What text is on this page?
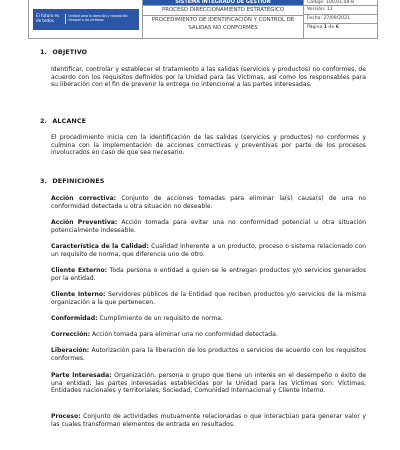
El futuro es de todos
Unidad para la atención y reparación integral a las víctimas
SISTEMA INTEGRADO DE GESTIÓN
PROCESO DIRECCIONAMIENTO ESTRATÉGICO
PROCEDIMIENTO DE IDENTIFICACIÓN Y CONTROL DE SALIDAS NO CONFORMES
Código: 100,01,08-8
Versión: 11
Fecha: 27/09/2021
Página 1 de 6
1. OBJETIVO
Identificar, controlar y establecer el tratamiento a las salidas (servicios y productos) no conformes, de acuerdo con los requisitos definidos por la Unidad para las Víctimas, así como los responsables para su liberación con el fin de prevenir la entrega no intencional a las partes interesadas.
2. ALCANCE
El procedimiento inicia con la identificación de las salidas (servicios y productos) no conformes y culmina con la implementación de acciones correctivas y preventivas por parte de los procesos involucrados en caso de que sea necesario.
3. DEFINICIONES
Acción correctiva: Conjunto de acciones tomadas para eliminar la(s) causa(s) de una no conformidad detectada u otra situación no deseable.
Acción Preventiva: Acción tomada para evitar una no conformidad potencial u otra situación potencialmente indeseable.
Característica de la Calidad: Cualidad inherente a un producto, proceso o sistema relacionado con un requisito de norma, que diferencia uno de otro.
Cliente Externo: Toda persona o entidad a quien se le entregan productos y/o servicios generados por la entidad.
Cliente Interno: Servidores públicos de la Entidad que reciben productos y/o servicios de la misma organización a la que pertenecen.
Conformidad: Cumplimiento de un requisito de norma.
Corrección: Acción tomada para eliminar una no conformidad detectada.
Liberación: Autorización para la liberación de los productos o servicios de acuerdo con los requisitos conformes.
Parte Interesada: Organización, persona o grupo que tiene un interés en el desempeño o éxito de una entidad; las partes interesadas establecidas por la Unidad para las Víctimas son: Víctimas, Entidades nacionales y territoriales, Sociedad, Comunidad Internacional y Cliente Interno.
Proceso: Conjunto de actividades mutuamente relacionadas o que interactúan para generar valor y las cuales transforman elementos de entrada en resultados.
